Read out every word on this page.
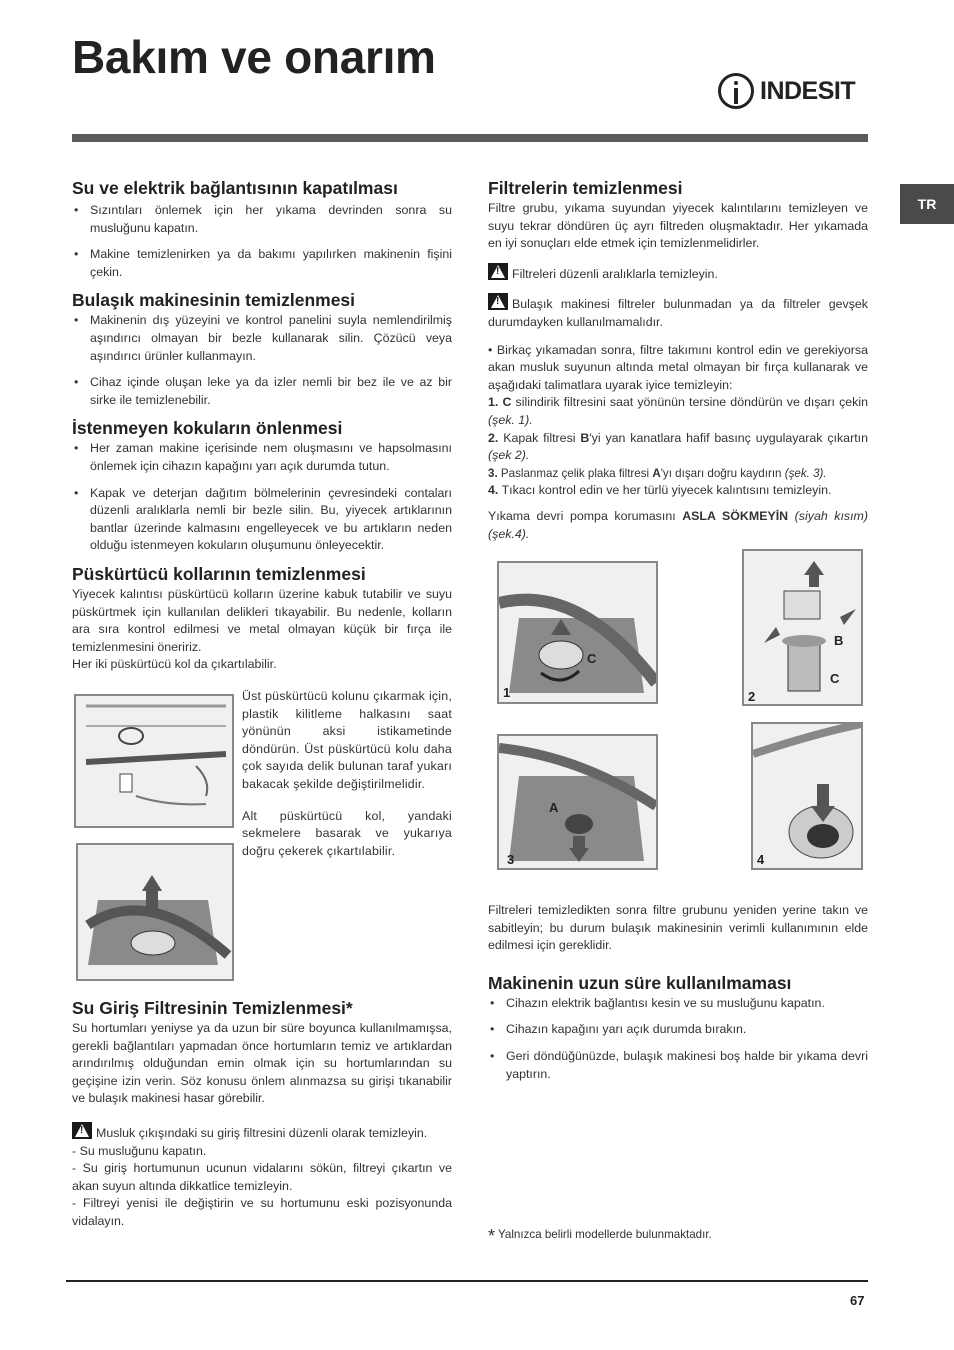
Bakım ve onarım
INDESIT
TR
Su ve elektrik bağlantısının kapatılması
• Sızıntıları önlemek için her yıkama devrinden sonra su musluğunu kapatın.
• Makine temizlenirken ya da bakımı yapılırken makinenin fişini çekin.
Bulaşık makinesinin temizlenmesi
• Makinenin dış yüzeyini ve kontrol panelini suyla nemlendirilmiş aşındırıcı olmayan bir bezle kullanarak silin. Çözücü veya aşındırıcı ürünler kullanmayın.
• Cihaz içinde oluşan leke ya da izler nemli bir bez ile ve az bir sirke ile temizlenebilir.
İstenmeyen kokuların önlenmesi
• Her zaman makine içerisinde nem oluşmasını ve hapsolmasını önlemek için cihazın kapağını yarı açık durumda tutun.
• Kapak ve deterjan dağıtım bölmelerinin çevresindeki contaları düzenli aralıklarla nemli bir bezle silin. Bu, yiyecek artıklarının bantlar üzerinde kalmasını engelleyecek ve bu artıkların neden olduğu istenmeyen kokuların oluşumunu önleyecektir.
Püskürtücü kollarının temizlenmesi

Yiyecek kalıntısı püskürtücü kolların üzerine kabuk tutabilir ve suyu püskürtmek için kullanılan delikleri tıkayabilir. Bu nedenle, kolların ara sıra kontrol edilmesi ve metal olmayan küçük bir fırça ile temizlenmesini öneririz.

Her iki püskürtücü kol da çıkartılabilir.

Üst püskürtücü kolunu çıkarmak için, plastik kilitleme halkasını saat yönünün aksi istikametinde döndürün. Üst püskürtücü kolu daha çok sayıda delik bulunan taraf yukarı bakacak şekilde değiştirilmelidir.

Alt püskürtücü kol, yandaki sekmelere basarak ve yukarıya doğru çekerek çıkartılabilir.

Su Giriş Filtresinin Temizlenmesi*

Su hortumları yeniyse ya da uzun bir süre boyunca kullanılmamışsa, gerekli bağlantıları yapmadan önce hortumların temiz ve artıklardan arındırılmış olduğundan emin olmak için su hortumlarından su geçişine izin verin. Söz konusu önlem alınmazsa su girişi tıkanabilir ve bulaşık makinesi hasar görebilir.

!Musluk çıkışındaki su giriş filtresini düzenli olarak temizleyin.

- Su musluğunu kapatın.

- Su giriş hortumunun ucunun vidalarını sökün, filtreyi çıkartın ve akan suyun altında dikkatlice temizleyin.

- Filtreyi yenisi ile değiştirin ve su hortumunu eski pozisyonunda vidalayın.

Filtrelerin temizlenmesi

Filtre grubu, yıkama suyundan yiyecek kalıntılarını temizleyen ve suyu tekrar döndüren üç ayrı filtreden oluşmaktadır. Her yıkamada en iyi sonuçları elde etmek için temizlenmelidirler.

!Filtreleri düzenli aralıklarla temizleyin.

!Bulaşık makinesi filtreler bulunmadan ya da filtreler gevşek durumdayken kullanılmamalıdır.

• Birkaç yıkamadan sonra, filtre takımını kontrol edin ve gerekiyorsa akan musluk suyunun altında metal olmayan bir fırça kullanarak ve aşağıdaki talimatlara uyarak iyice temizleyin:

1. C silindirik filtresini saat yönünün tersine döndürün ve dışarı çekin (şek. 1).

2. Kapak filtresi B'yi yan kanatlara hafif basınç uygulayarak çıkartın (şek 2).

3. Paslanmaz çelik plaka filtresi A'yı dışarı doğru kaydırın (şek. 3).

4. Tıkacı kontrol edin ve her türlü yiyecek kalıntısını temizleyin.

Yıkama devri pompa korumasını ASLA SÖKMEYİN (siyah kısım) (şek.4).

1
C
2
B
C
3
A
4

Filtreleri temizledikten sonra filtre grubunu yeniden yerine takın ve sabitleyin; bu durum bulaşık makinesinin verimli kullanımının elde edilmesi için gereklidir.

Makinenin uzun süre kullanılmaması
• Cihazın elektrik bağlantısı kesin ve su musluğunu kapatın.
• Cihazın kapağını yarı açık durumda bırakın.
• Geri döndüğünüzde, bulaşık makinesi boş halde bir yıkama devri yaptırın.

* Yalnızca belirli modellerde bulunmaktadır.

67
